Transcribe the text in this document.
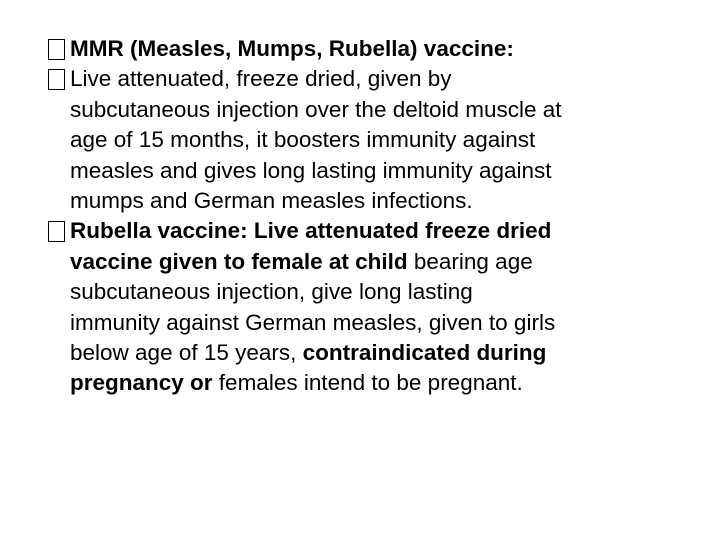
MMR (Measles, Mumps, Rubella) vaccine:

Live attenuated, freeze dried, given by
subcutaneous injection over the deltoid muscle at
age of 15 months, it boosters immunity against
measles and gives long lasting immunity against
mumps and German measles infections.

Rubella vaccine: Live attenuated freeze dried
vaccine given to female at child bearing age
subcutaneous injection, give long lasting
immunity against German measles, given to girls
below age of 15 years, contraindicated during
pregnancy or females intend to be pregnant.
